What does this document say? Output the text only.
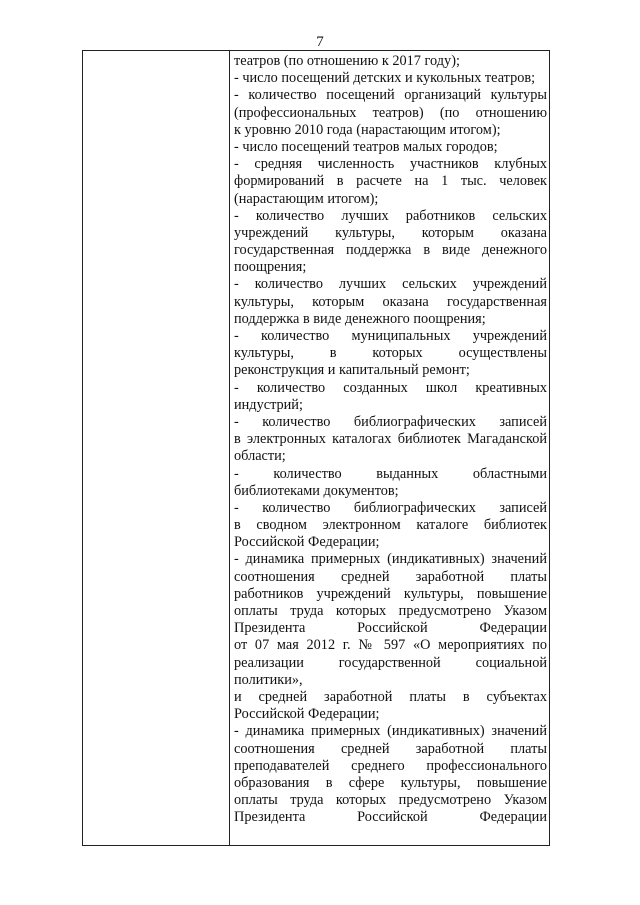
7
театров (по отношению к 2017 году);
- число посещений детских и кукольных театров;
- количество посещений организаций культуры
(профессиональных театров) (по отношению
к уровню 2010 года (нарастающим итогом);
- число посещений театров малых городов;
- средняя численность участников клубных
формирований в расчете на 1 тыс. человек
(нарастающим итогом);
- количество лучших работников сельских
учреждений культуры, которым оказана
государственная поддержка в виде денежного
поощрения;
- количество лучших сельских учреждений
культуры, которым оказана государственная
поддержка в виде денежного поощрения;
- количество муниципальных учреждений
культуры, в которых осуществлены
реконструкция и капитальный ремонт;
- количество созданных школ креативных
индустрий;
- количество библиографических записей
в электронных каталогах библиотек Магаданской
области;
- количество выданных областными
библиотеками документов;
- количество библиографических записей
в сводном электронном каталоге библиотек
Российской Федерации;
- динамика примерных (индикативных) значений
соотношения средней заработной платы
работников учреждений культуры, повышение
оплаты труда которых предусмотрено Указом
Президента Российской Федерации
от 07 мая 2012 г. № 597 «О мероприятиях по
реализации государственной социальной
политики»,
и средней заработной платы в субъектах
Российской Федерации;
- динамика примерных (индикативных) значений
соотношения средней заработной платы
преподавателей среднего профессионального
образования в сфере культуры, повышение
оплаты труда которых предусмотрено Указом
Президента Российской Федерации
